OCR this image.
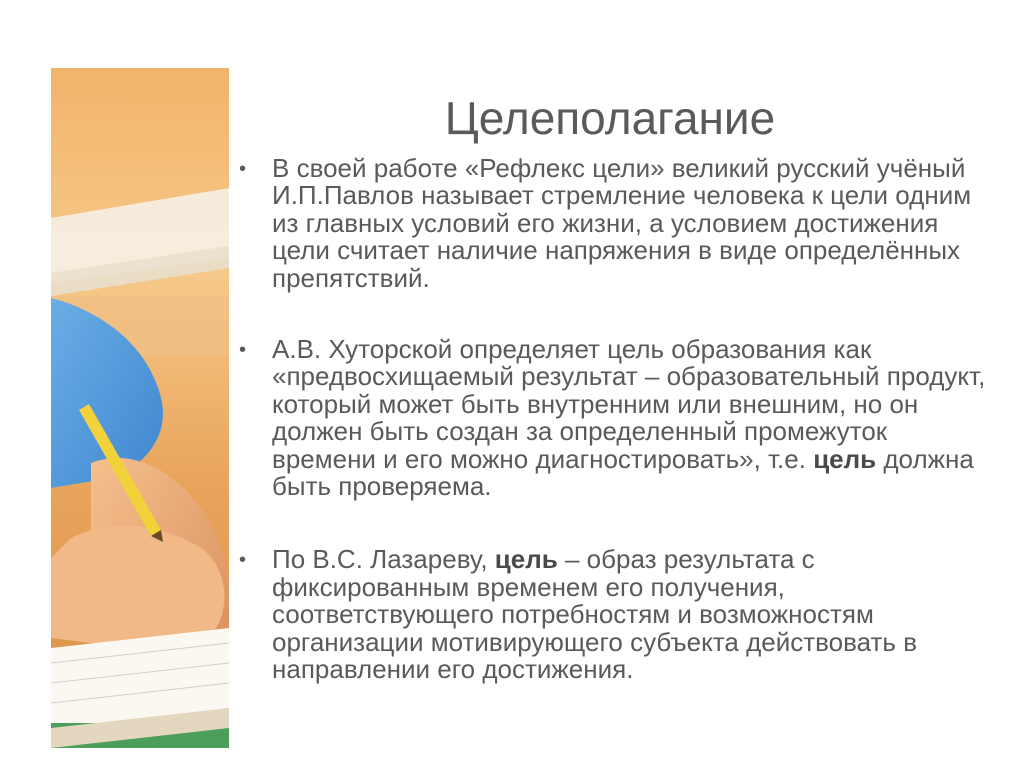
Целеполагание
• В своей работе «Рефлекс цели» великий русский учёный И.П.Павлов называет стремление человека к цели одним из главных условий его жизни, а условием достижения цели считает наличие напряжения в виде определённых препятствий.

• А.В. Хуторской определяет цель образования как «предвосхищаемый результат – образовательный продукт, который может быть внутренним или внешним, но он должен быть создан за определенный промежуток времени и его можно диагностировать», т.е. цель должна быть проверяема.

• По В.С. Лазареву, цель – образ результата с фиксированным временем его получения, соответствующего потребностям и возможностям организации мотивирующего субъекта действовать в направлении его достижения.
